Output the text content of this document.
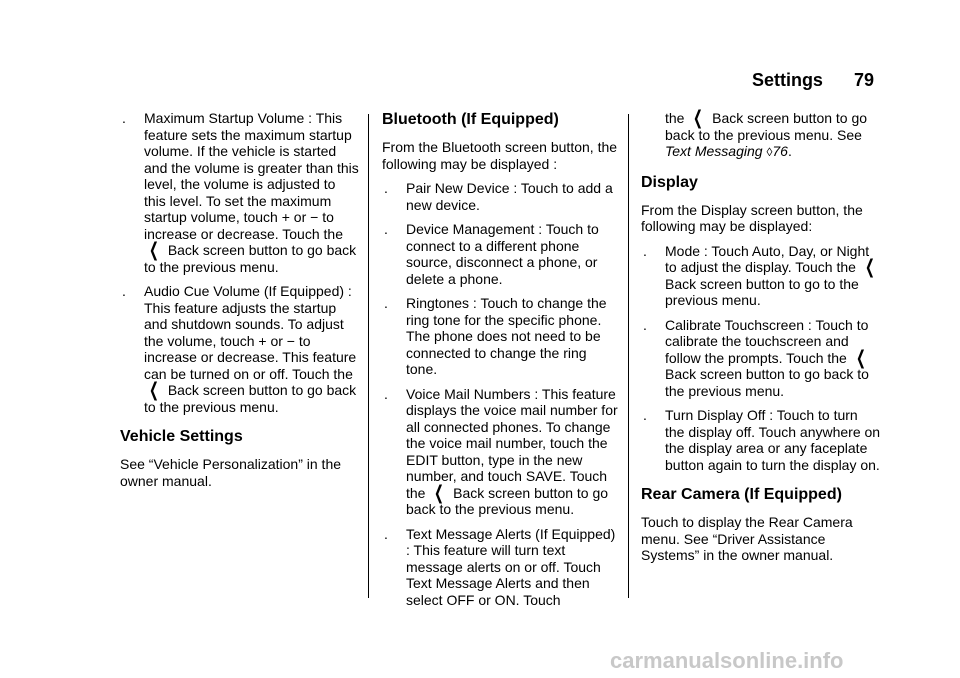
Settings 79
. Maximum Startup Volume : This feature sets the maximum startup volume. If the vehicle is started and the volume is greater than this level, the volume is adjusted to this level. To set the maximum startup volume, touch + or − to increase or decrease. Touch the ❮ Back screen button to go back to the previous menu.
. Audio Cue Volume (If Equipped) : This feature adjusts the startup and shutdown sounds. To adjust the volume, touch + or − to increase or decrease. This feature can be turned on or off. Touch the ❮ Back screen button to go back to the previous menu.
Vehicle Settings

See “Vehicle Personalization” in the owner manual.

Bluetooth (If Equipped)

From the Bluetooth screen button, the following may be displayed :

. Pair New Device : Touch to add a new device.
. Device Management : Touch to connect to a different phone source, disconnect a phone, or delete a phone.
. Ringtones : Touch to change the ring tone for the specific phone. The phone does not need to be connected to change the ring tone.
. Voice Mail Numbers : This feature displays the voice mail number for all connected phones. To change the voice mail number, touch the EDIT button, type in the new number, and touch SAVE. Touch the ❮ Back screen button to go back to the previous menu.
. Text Message Alerts (If Equipped) : This feature will turn text message alerts on or off. Touch Text Message Alerts and then select OFF or ON. Touch
the ❮ Back screen button to go back to the previous menu. See Text Messaging ◊76.
Display

From the Display screen button, the following may be displayed:

. Mode : Touch Auto, Day, or Night to adjust the display. Touch the ❮ Back screen button to go to the previous menu.
. Calibrate Touchscreen : Touch to calibrate the touchscreen and follow the prompts. Touch the ❮ Back screen button to go back to the previous menu.
. Turn Display Off : Touch to turn the display off. Touch anywhere on the display area or any faceplate button again to turn the display on.
Rear Camera (If Equipped)

Touch to display the Rear Camera menu. See “Driver Assistance Systems” in the owner manual.

carmanualsonline.info
